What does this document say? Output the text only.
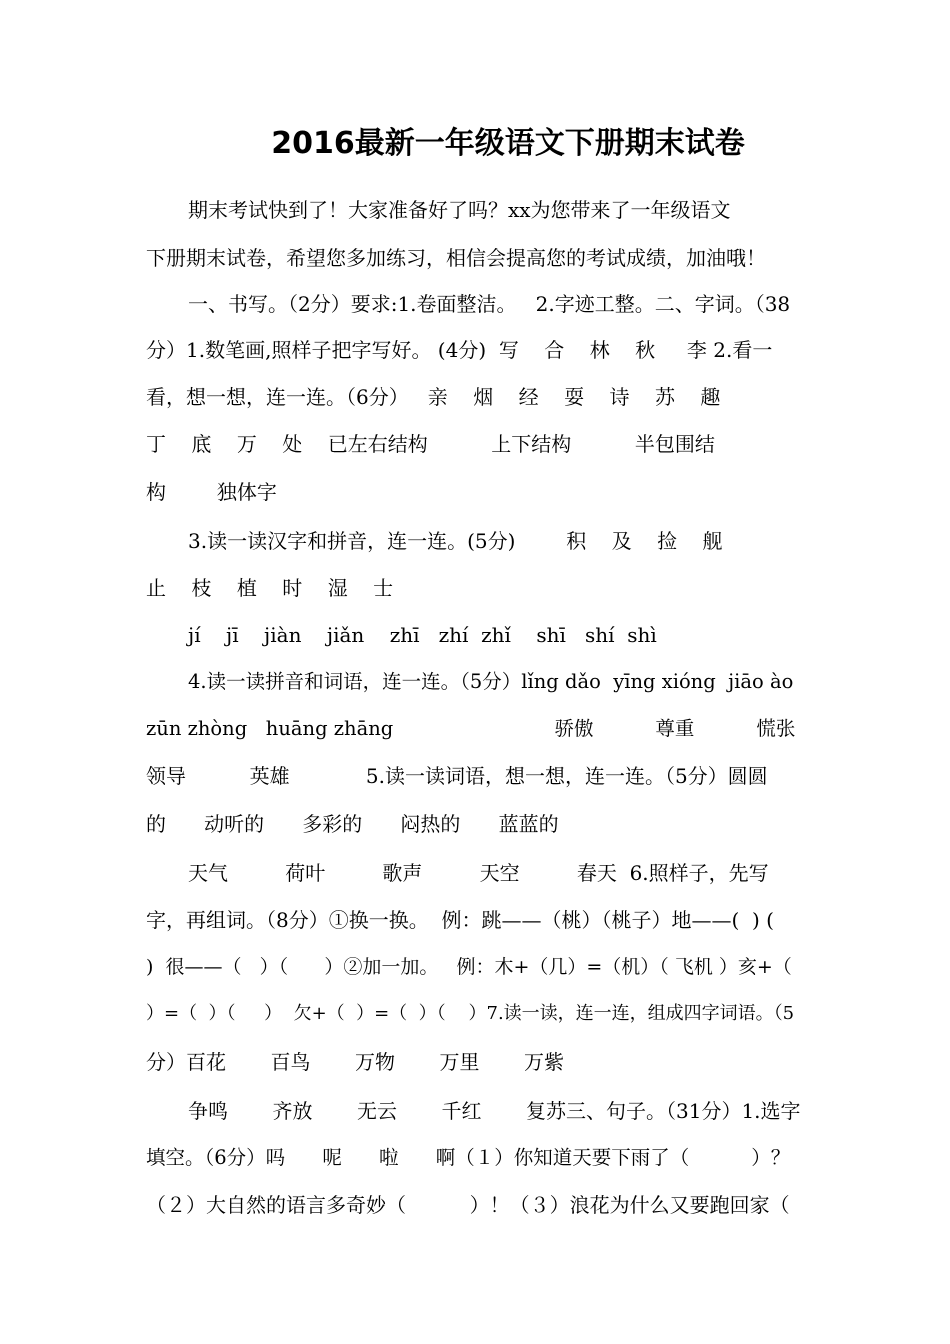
2016最新一年级语文下册期末试卷
期末考试快到了！大家准备好了吗？xx为您带来了一年级语文
下册期末试卷，希望您多加练习，相信会提高您的考试成绩，加油哦！
一、书写。（2分）要求:1.卷面整洁。   2.字迹工整。二、字词。（38
分）1.数笔画,照样子把字写好。 (4分)  写    合    林    秋     李 2.看一
看，想一想，连一连。（6分）   亲    烟    经    耍    诗    苏    趣
丁    底    万    处    已左右结构          上下结构          半包围结
构        独体字
3.读一读汉字和拼音，连一连。(5分)        积    及    捡    舰
止    枝    植    时    湿    士
jí    jī    jiàn    jiǎn    zhī   zhí  zhǐ    shī   shí  shì
4.读一读拼音和词语，连一连。（5分）lǐng dǎo  yīng xióng  jiāo ào
zūn zhòng   huāng zhāng                          骄傲          尊重          慌张
领导          英雄            5.读一读词语，想一想，连一连。（5分）圆圆
的      动听的      多彩的      闷热的      蓝蓝的
天气         荷叶         歌声         天空         春天  6.照样子，先写
字，再组词。（8分）①换一换。  例：跳——（桃）（桃子）地——(  ) (
)  很——（   ）（      ）②加一加。   例：木+（几）=（机）（ 飞机 ）亥+（
）=（  ）（     ）  欠+（  ）=（  ）（    ）7.读一读，连一连，组成四字词语。（5
分）百花       百鸟       万物       万里       万紫
争鸣       齐放       无云       千红       复苏三、句子。（31分）1.选字
填空。（6分）吗      呢      啦      啊（１）你知道天要下雨了（          ）？
（２）大自然的语言多奇妙（          ）！（３）浪花为什么又要跑回家（
